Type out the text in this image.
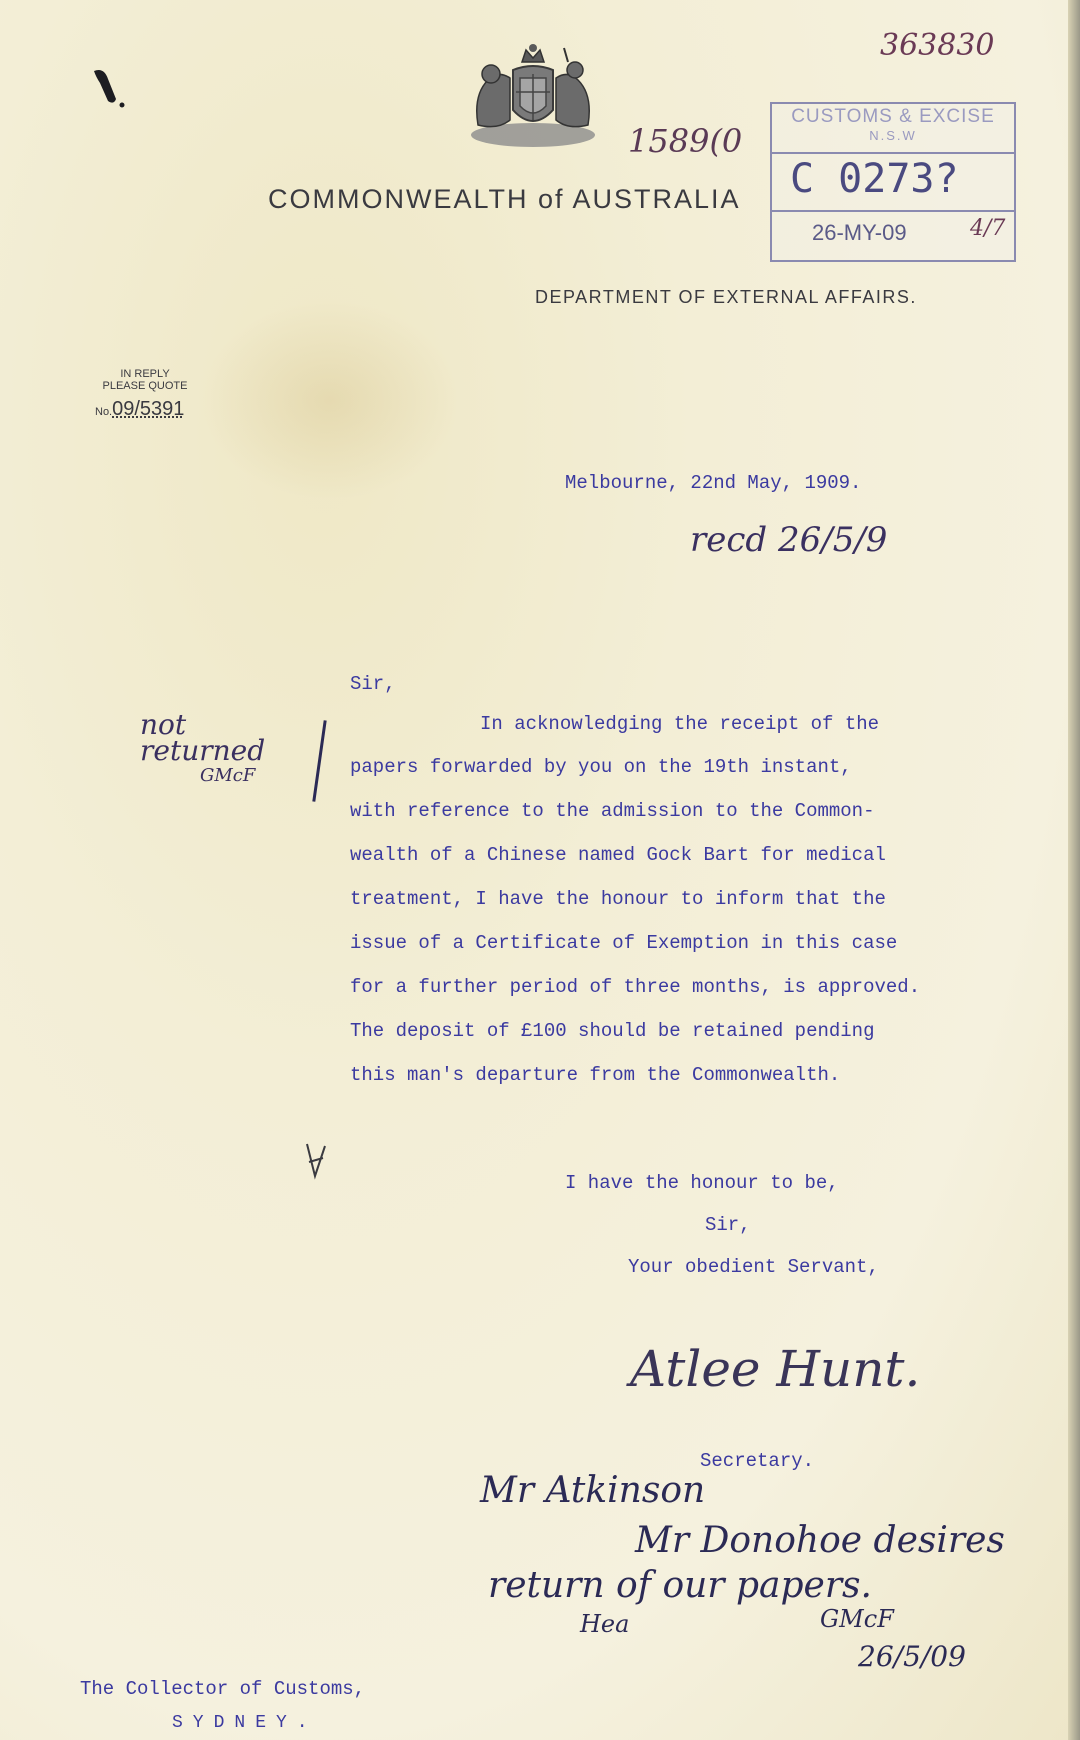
363830
1589(0
CUSTOMS & EXCISE
N.S.W
C 0273?
26-MY-09	4/7
COMMONWEALTH of AUSTRALIA
DEPARTMENT OF EXTERNAL AFFAIRS.
IN REPLY
PLEASE QUOTE
No.09/5391
Melbourne, 22nd May, 1909.
recd 26/5/9
Sir,
In acknowledging the receipt of the
papers forwarded by you on the 19th instant,
with reference to the admission to the Common-
wealth of a Chinese named Gock Bart for medical
treatment, I have the honour to inform that the
issue of a Certificate of Exemption in this case
for a further period of three months, is approved.
The deposit of £100 should be retained pending
this man's departure from the Commonwealth.
not
returned
GMcF
I have the honour to be,
Sir,
Your obedient Servant,
Atlee Hunt.
Secretary.
Mr Atkinson
Mr Donohoe desires
return of our papers.
Hea	GMcF
26/5/09
The Collector of Customs,
SYDNEY.
